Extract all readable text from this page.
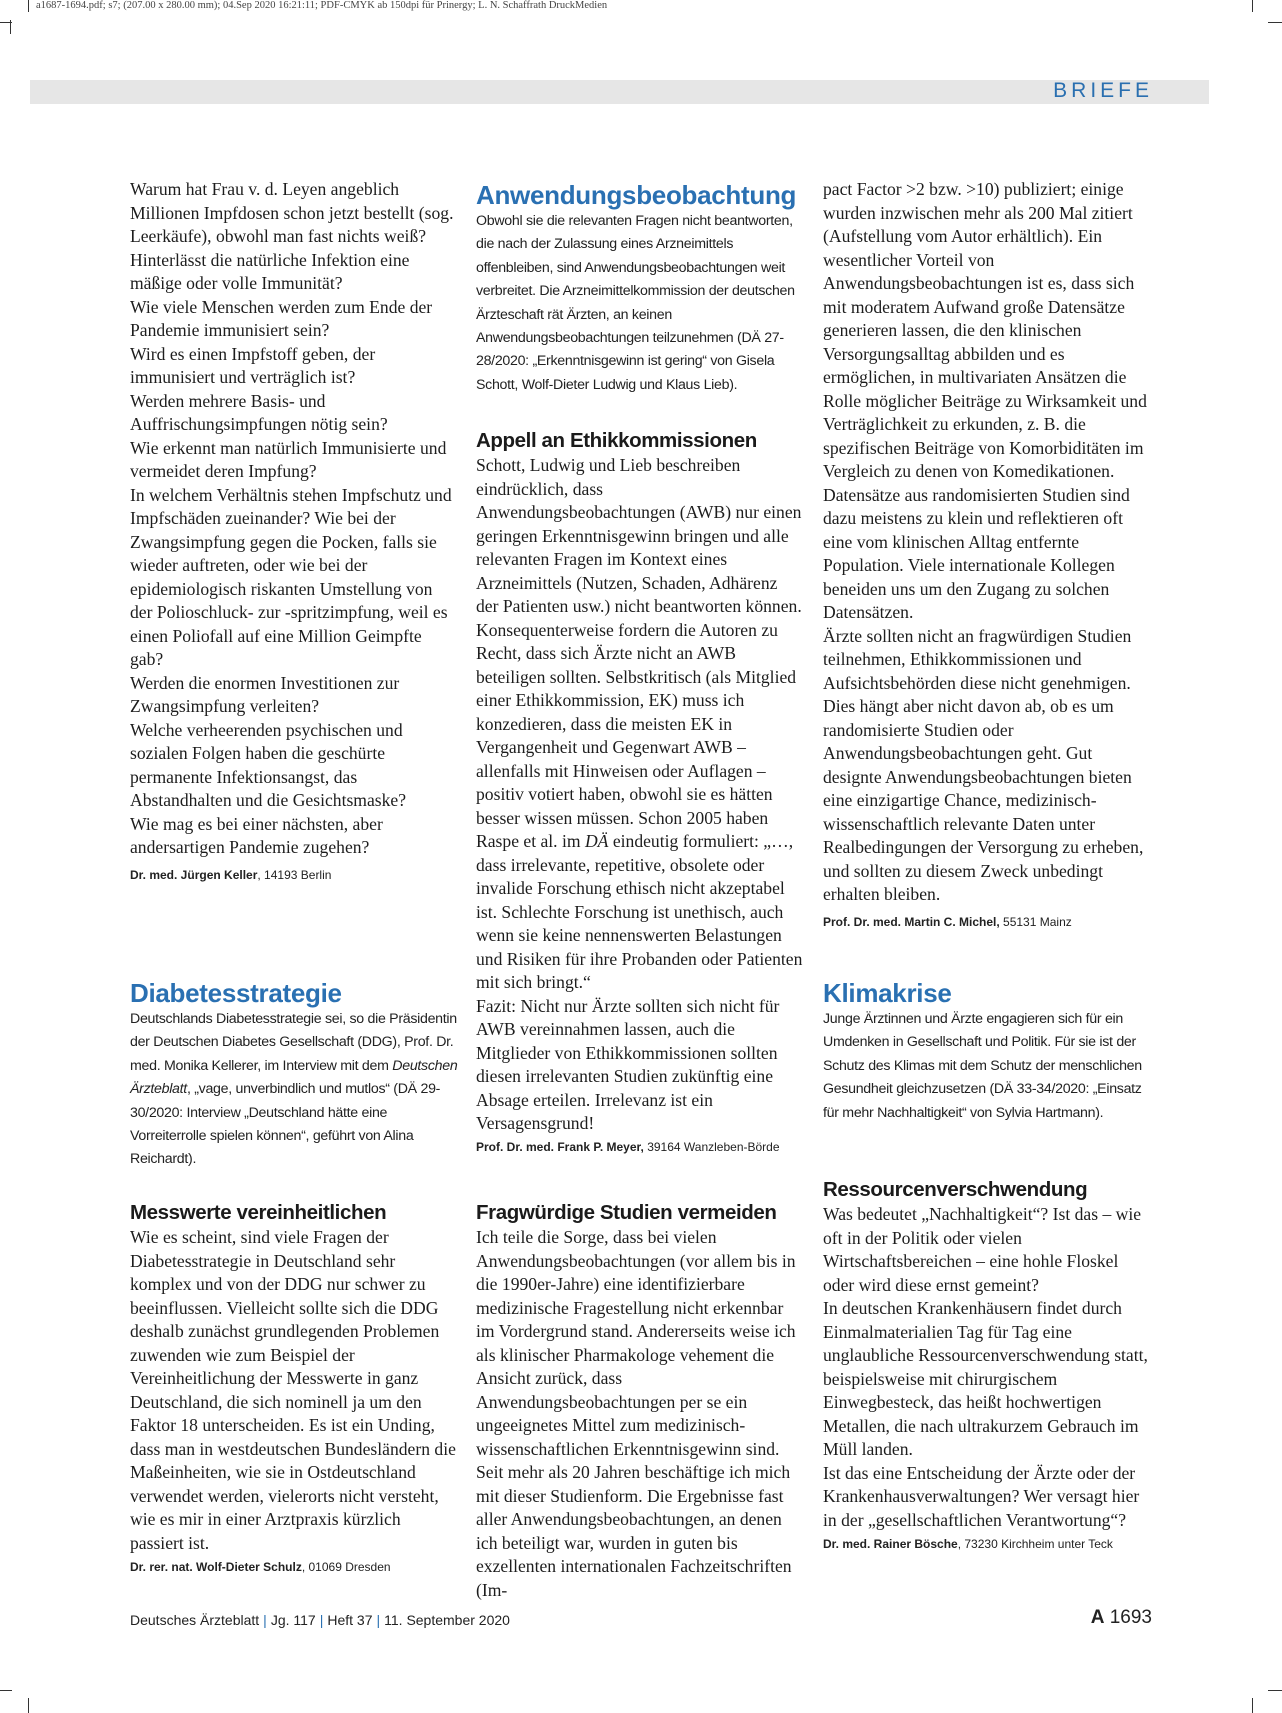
a1687-1694.pdf; s7; (207.00 x 280.00 mm); 04.Sep 2020 16:21:11; PDF-CMYK ab 150dpi für Prinergy; L. N. Schaffrath DruckMedien
BRIEFE

Warum hat Frau v. d. Leyen angeblich Millionen Impfdosen schon jetzt bestellt (sog. Leerkäufe), obwohl man fast nichts weiß?

Hinterlässt die natürliche Infektion eine mäßige oder volle Immunität?

Wie viele Menschen werden zum Ende der Pandemie immunisiert sein?

Wird es einen Impfstoff geben, der immunisiert und verträglich ist?

Werden mehrere Basis- und Auffrischungsimpfungen nötig sein?

Wie erkennt man natürlich Immunisierte und vermeidet deren Impfung?

In welchem Verhältnis stehen Impfschutz und Impfschäden zueinander? Wie bei der Zwangsimpfung gegen die Pocken, falls sie wieder auftreten, oder wie bei der epidemiologisch riskanten Umstellung von der Polioschluck- zur -spritzimpfung, weil es einen Poliofall auf eine Million Geimpfte gab?

Werden die enormen Investitionen zur Zwangsimpfung verleiten?

Welche verheerenden psychischen und sozialen Folgen haben die geschürte permanente Infektionsangst, das Abstandhalten und die Gesichtsmaske?

Wie mag es bei einer nächsten, aber andersartigen Pandemie zugehen?

Dr. med. Jürgen Keller, 14193 Berlin
Diabetesstrategie

Deutschlands Diabetesstrategie sei, so die Präsidentin der Deutschen Diabetes Gesellschaft (DDG), Prof. Dr. med. Monika Kellerer, im Interview mit dem Deutschen Ärzteblatt, „vage, unverbindlich und mutlos“ (DÄ 29-30/2020: Interview „Deutschland hätte eine Vorreiterrolle spielen können“, geführt von Alina Reichardt).

Messwerte vereinheitlichen

Wie es scheint, sind viele Fragen der Diabetesstrategie in Deutschland sehr komplex und von der DDG nur schwer zu beeinflussen. Vielleicht sollte sich die DDG deshalb zunächst grundlegenden Problemen zuwenden wie zum Beispiel der Vereinheitlichung der Messwerte in ganz Deutschland, die sich nominell ja um den Faktor 18 unterscheiden. Es ist ein Unding, dass man in westdeutschen Bundesländern die Maßeinheiten, wie sie in Ostdeutschland verwendet werden, vielerorts nicht versteht, wie es mir in einer Arztpraxis kürzlich passiert ist.

Dr. rer. nat. Wolf-Dieter Schulz, 01069 Dresden
Anwendungsbeobachtung

Obwohl sie die relevanten Fragen nicht beantworten, die nach der Zulassung eines Arzneimittels offenbleiben, sind Anwendungsbeobachtungen weit verbreitet. Die Arzneimittelkommission der deutschen Ärzteschaft rät Ärzten, an keinen Anwendungsbeobachtungen teilzunehmen (DÄ 27-28/2020: „Erkenntnisgewinn ist gering“ von Gisela Schott, Wolf-Dieter Ludwig und Klaus Lieb).

Appell an Ethikkommissionen

Schott, Ludwig und Lieb beschreiben eindrücklich, dass Anwendungsbeobachtungen (AWB) nur einen geringen Erkenntnisgewinn bringen und alle relevanten Fragen im Kontext eines Arzneimittels (Nutzen, Schaden, Adhärenz der Patienten usw.) nicht beantworten können. Konsequenterweise fordern die Autoren zu Recht, dass sich Ärzte nicht an AWB beteiligen sollten. Selbstkritisch (als Mitglied einer Ethikkommission, EK) muss ich konzedieren, dass die meisten EK in Vergangenheit und Gegenwart AWB – allenfalls mit Hinweisen oder Auflagen – positiv votiert haben, obwohl sie es hätten besser wissen müssen. Schon 2005 haben Raspe et al. im DÄ eindeutig formuliert: „…, dass irrelevante, repetitive, obsolete oder invalide Forschung ethisch nicht akzeptabel ist. Schlechte Forschung ist unethisch, auch wenn sie keine nennenswerten Belastungen und Risiken für ihre Probanden oder Patienten mit sich bringt.“

Fazit: Nicht nur Ärzte sollten sich nicht für AWB vereinnahmen lassen, auch die Mitglieder von Ethikkommissionen sollten diesen irrelevanten Studien zukünftig eine Absage erteilen. Irrelevanz ist ein Versagensgrund!

Prof. Dr. med. Frank P. Meyer, 39164 Wanzleben-Börde
Fragwürdige Studien vermeiden

Ich teile die Sorge, dass bei vielen Anwendungsbeobachtungen (vor allem bis in die 1990er-Jahre) eine identifizierbare medizinische Fragestellung nicht erkennbar im Vordergrund stand. Andererseits weise ich als klinischer Pharmakologe vehement die Ansicht zurück, dass Anwendungsbeobachtungen per se ein ungeeignetes Mittel zum medizinisch-wissenschaftlichen Erkenntnisgewinn sind. Seit mehr als 20 Jahren beschäftige ich mich mit dieser Studienform. Die Ergebnisse fast aller Anwendungsbeobachtungen, an denen ich beteiligt war, wurden in guten bis exzellenten internationalen Fachzeitschriften (Im-

pact Factor >2 bzw. >10) publiziert; einige wurden inzwischen mehr als 200 Mal zitiert (Aufstellung vom Autor erhältlich). Ein wesentlicher Vorteil von Anwendungsbeobachtungen ist es, dass sich mit moderatem Aufwand große Datensätze generieren lassen, die den klinischen Versorgungsalltag abbilden und es ermöglichen, in multivariaten Ansätzen die Rolle möglicher Beiträge zu Wirksamkeit und Verträglichkeit zu erkunden, z. B. die spezifischen Beiträge von Komorbiditäten im Vergleich zu denen von Komedikationen. Datensätze aus randomisierten Studien sind dazu meistens zu klein und reflektieren oft eine vom klinischen Alltag entfernte Population. Viele internationale Kollegen beneiden uns um den Zugang zu solchen Datensätzen.

Ärzte sollten nicht an fragwürdigen Studien teilnehmen, Ethikkommissionen und Aufsichtsbehörden diese nicht genehmigen. Dies hängt aber nicht davon ab, ob es um randomisierte Studien oder Anwendungsbeobachtungen geht. Gut designte Anwendungsbeobachtungen bieten eine einzigartige Chance, medizinisch-wissenschaftlich relevante Daten unter Realbedingungen der Versorgung zu erheben, und sollten zu diesem Zweck unbedingt erhalten bleiben.

Prof. Dr. med. Martin C. Michel, 55131 Mainz
Klimakrise

Junge Ärztinnen und Ärzte engagieren sich für ein Umdenken in Gesellschaft und Politik. Für sie ist der Schutz des Klimas mit dem Schutz der menschlichen Gesundheit gleichzusetzen (DÄ 33-34/2020: „Einsatz für mehr Nachhaltigkeit“ von Sylvia Hartmann).

Ressourcenverschwendung

Was bedeutet „Nachhaltigkeit“? Ist das – wie oft in der Politik oder vielen Wirtschaftsbereichen – eine hohle Floskel oder wird diese ernst gemeint?

In deutschen Krankenhäusern findet durch Einmalmaterialien Tag für Tag eine unglaubliche Ressourcenverschwendung statt, beispielsweise mit chirurgischem Einwegbesteck, das heißt hochwertigen Metallen, die nach ultrakurzem Gebrauch im Müll landen.

Ist das eine Entscheidung der Ärzte oder der Krankenhausverwaltungen? Wer versagt hier in der „gesellschaftlichen Verantwortung“?

Dr. med. Rainer Bösche, 73230 Kirchheim unter Teck
Deutsches Ärzteblatt | Jg. 117 | Heft 37 | 11. September 2020	A 1693
